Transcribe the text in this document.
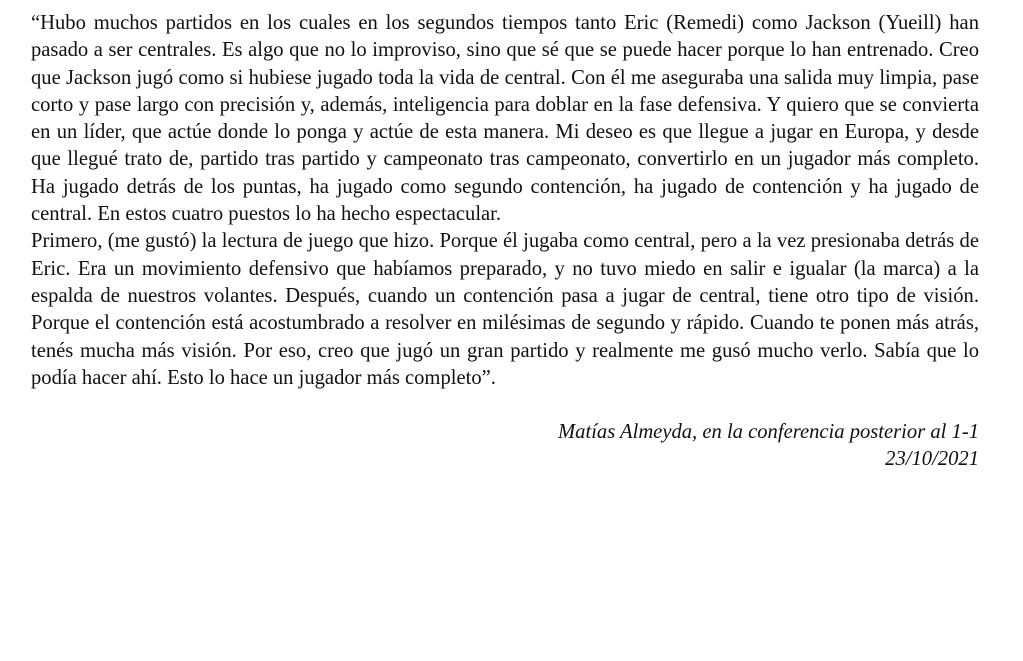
“Hubo muchos partidos en los cuales en los segundos tiempos tanto Eric (Remedi) como Jackson (Yueill) han pasado a ser centrales. Es algo que no lo improviso, sino que sé que se puede hacer porque lo han entrenado. Creo que Jackson jugó como si hubiese jugado toda la vida de central. Con él me aseguraba una salida muy limpia, pase corto y pase largo con precisión y, además, inteligencia para doblar en la fase defensiva. Y quiero que se convierta en un líder, que actúe donde lo ponga y actúe de esta manera. Mi deseo es que llegue a jugar en Europa, y desde que llegué trato de, partido tras partido y campeonato tras campeonato, convertirlo en un jugador más completo. Ha jugado detrás de los puntas, ha jugado como segundo contención, ha jugado de contención y ha jugado de central. En estos cuatro puestos lo ha hecho espectacular.

Primero, (me gustó) la lectura de juego que hizo. Porque él jugaba como central, pero a la vez presionaba detrás de Eric. Era un movimiento defensivo que habíamos preparado, y no tuvo miedo en salir e igualar (la marca) a la espalda de nuestros volantes. Después, cuando un contención pasa a jugar de central, tiene otro tipo de visión. Porque el contención está acostumbrado a resolver en milésimas de segundo y rápido. Cuando te ponen más atrás, tenés mucha más visión. Por eso, creo que jugó un gran partido y realmente me gusó mucho verlo. Sabía que lo podía hacer ahí. Esto lo hace un jugador más completo”.

Matías Almeyda, en la conferencia posterior al 1-1
23/10/2021
